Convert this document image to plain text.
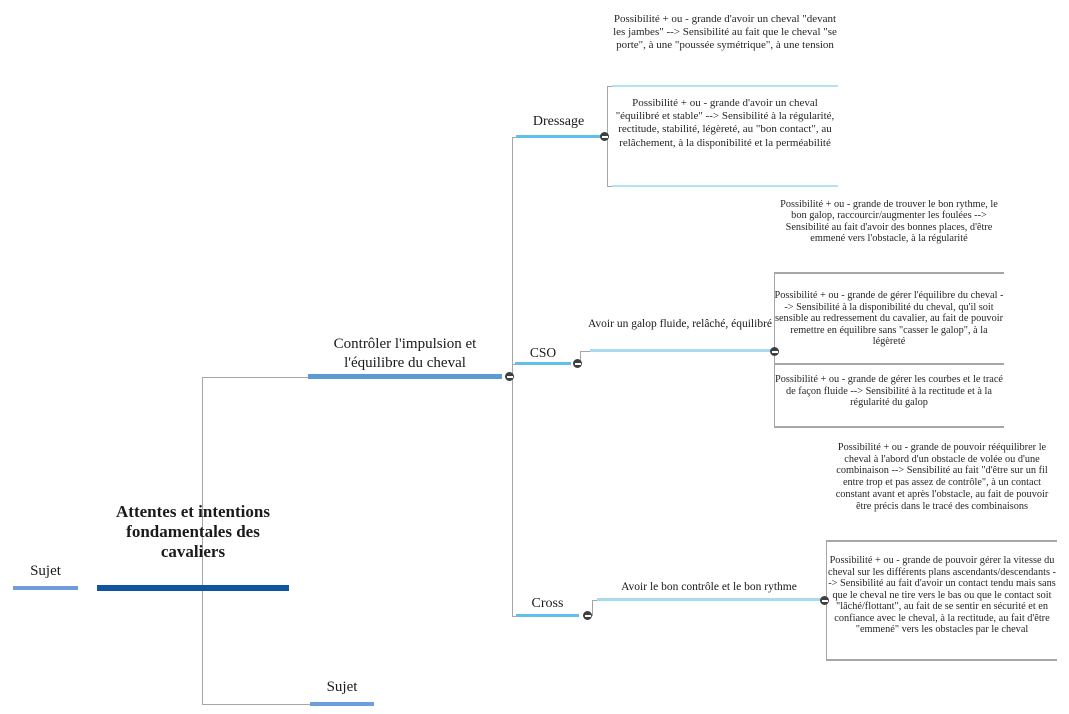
Sujet
Attentes et intentions fondamentales des cavaliers
Contrôler l'impulsion et l'équilibre du cheval
Sujet
Dressage
CSO
Cross
Avoir un galop fluide, relâché, équilibré
Avoir le bon contrôle et le bon rythme
Possibilité + ou - grande d'avoir un cheval "devant les jambes" --> Sensibilité au fait que le cheval "se porte", à une "poussée symétrique", à une tension
Possibilité + ou - grande d'avoir un cheval "équilibré et stable" --> Sensibilité à la régularité, rectitude, stabilité, légèreté, au "bon contact", au relâchement, à la disponibilité et la perméabilité
Possibilité + ou - grande de trouver le bon rythme, le bon galop, raccourcir/augmenter les foulées --> Sensibilité au fait d'avoir des bonnes places, d'être emmené vers l'obstacle, à la régularité
Possibilité + ou - grande de gérer l'équilibre du cheval --> Sensibilité à la disponibilité du cheval, qu'il soit sensible au redressement du cavalier, au fait de pouvoir remettre en équilibre sans "casser le galop", à la légèreté
Possibilité + ou - grande de gérer les courbes et le tracé de façon fluide --> Sensibilité à la rectitude et à la régularité du galop
Possibilité + ou - grande de pouvoir rééquilibrer le cheval à l'abord d'un obstacle de volée ou d'une combinaison --> Sensibilité au fait "d'être sur un fil entre trop et pas assez de contrôle", à un contact constant avant et après l'obstacle, au fait de pouvoir être précis dans le tracé des combinaisons
Possibilité + ou - grande de pouvoir gérer la vitesse du cheval sur les différents plans ascendants/descendants --> Sensibilité au fait d'avoir un contact tendu mais sans que le cheval ne tire vers le bas ou que le contact soit "lâché/flottant", au fait de se sentir en sécurité et en confiance avec le cheval, à la rectitude, au fait d'être "emmené" vers les obstacles par le cheval
